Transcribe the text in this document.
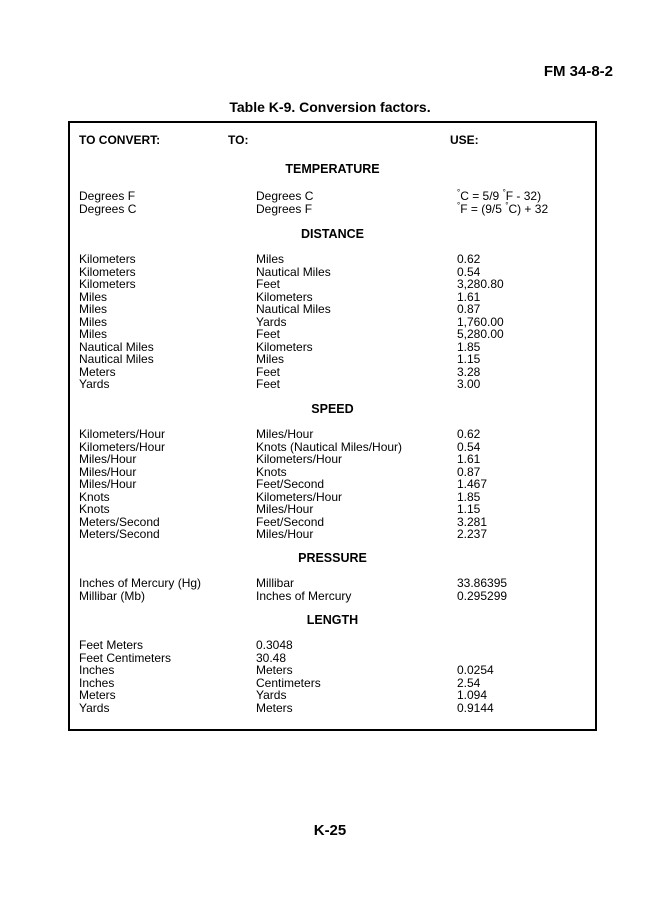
FM 34-8-2
Table K-9. Conversion factors.
TO CONVERT:	TO:	USE:
TEMPERATURE
Degrees F	Degrees C	°C = 5/9 °F - 32)
Degrees C	Degrees F	°F = (9/5 °C) + 32
DISTANCE
Kilometers	Miles	0.62
Kilometers	Nautical Miles	0.54
Kilometers	Feet	3,280.80
Miles	Kilometers	1.61
Miles	Nautical Miles	0.87
Miles	Yards	1,760.00
Miles	Feet	5,280.00
Nautical Miles	Kilometers	1.85
Nautical Miles	Miles	1.15
Meters	Feet	3.28
Yards	Feet	3.00
SPEED
Kilometers/Hour	Miles/Hour	0.62
Kilometers/Hour	Knots (Nautical Miles/Hour)	0.54
Miles/Hour	Kilometers/Hour	1.61
Miles/Hour	Knots	0.87
Miles/Hour	Feet/Second	1.467
Knots	Kilometers/Hour	1.85
Knots	Miles/Hour	1.15
Meters/Second	Feet/Second	3.281
Meters/Second	Miles/Hour	2.237
PRESSURE
Inches of Mercury (Hg)	Millibar	33.86395
Millibar (Mb)	Inches of Mercury	0.295299
LENGTH
Feet Meters	0.3048
Feet Centimeters	30.48
Inches	Meters	0.0254
Inches	Centimeters	2.54
Meters	Yards	1.094
Yards	Meters	0.9144
K-25
